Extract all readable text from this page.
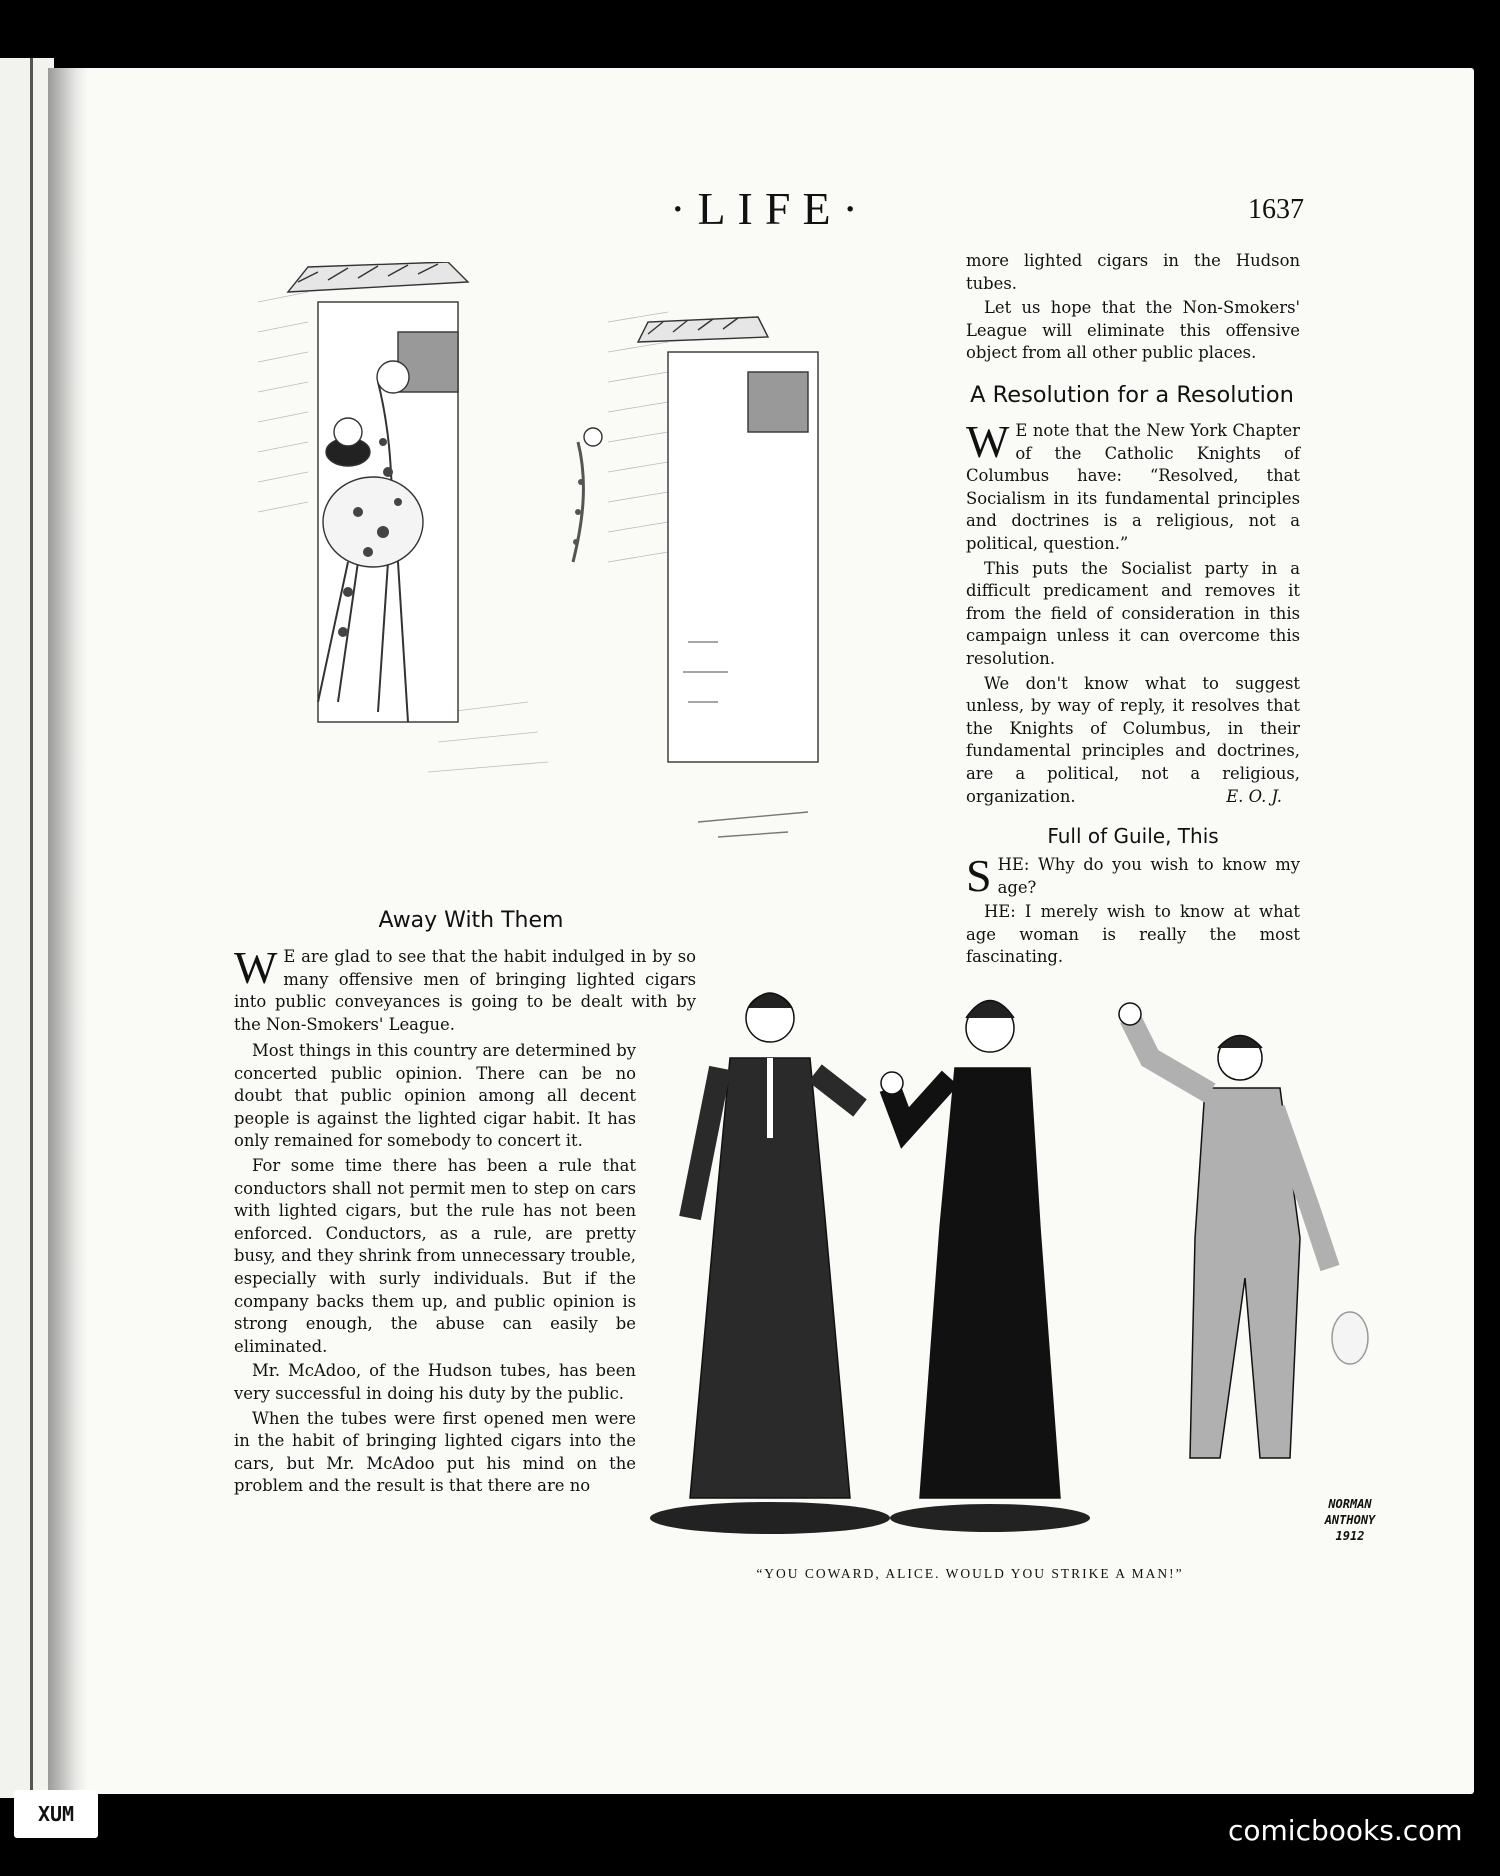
·LIFE·	1637
NORMAN
ANTHONY
1912
“YOU COWARD, ALICE. WOULD YOU STRIKE A MAN!”

more lighted cigars in the Hudson tubes.

Let us hope that the Non-Smokers' League will eliminate this offensive object from all other public places.

A Resolution for a Resolution

W E note that the New York Chapter of the Catholic Knights of Columbus have: “Resolved, that Socialism in its fundamental principles and doctrines is a religious, not a political, question.”

This puts the Socialist party in a difficult predicament and removes it from the field of consideration in this campaign unless it can overcome this resolution.

We don't know what to suggest unless, by way of reply, it resolves that the Knights of Columbus, in their fundamental principles and doctrines, are a political, not a religious, organization.	E. O. J.

Full of Guile, This

SHE: Why do you wish to know my age?

HE: I merely wish to know at what age woman is really the most fascinating.

Away With Them

W E are glad to see that the habit indulged in by so many offensive men of bringing lighted cigars into public conveyances is going to be dealt with by the Non-Smokers' League.

Most things in this country are determined by concerted public opinion. There can be no doubt that public opinion among all decent people is against the lighted cigar habit. It has only remained for somebody to concert it.

For some time there has been a rule that conductors shall not permit men to step on cars with lighted cigars, but the rule has not been enforced. Conductors, as a rule, are pretty busy, and they shrink from unnecessary trouble, especially with surly individuals. But if the company backs them up, and public opinion is strong enough, the abuse can easily be eliminated.

Mr. McAdoo, of the Hudson tubes, has been very successful in doing his duty by the public.

When the tubes were first opened men were in the habit of bringing lighted cigars into the cars, but Mr. McAdoo put his mind on the problem and the result is that there are no

XUM	comicbooks.com
